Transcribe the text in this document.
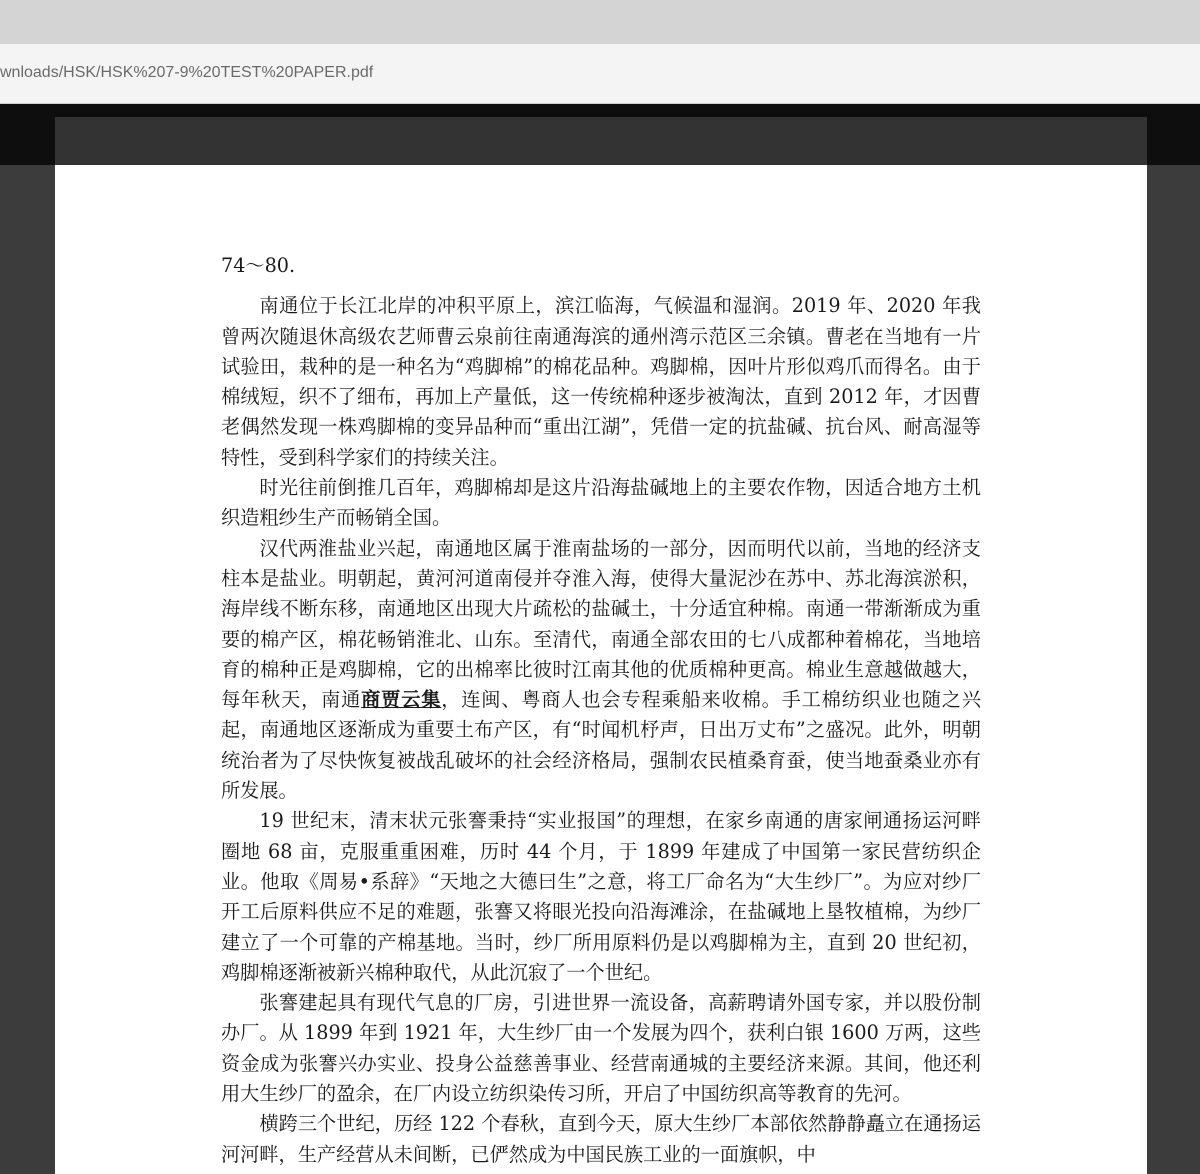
wnloads/HSK/HSK%207-9%20TEST%20PAPER.pdf

74～80.

南通位于长江北岸的冲积平原上，滨江临海，气候温和湿润。2019 年、2020 年我曾两次随退休高级农艺师曹云泉前往南通海滨的通州湾示范区三余镇。曹老在当地有一片试验田，栽种的是一种名为“鸡脚棉”的棉花品种。鸡脚棉，因叶片形似鸡爪而得名。由于棉绒短，织不了细布，再加上产量低，这一传统棉种逐步被淘汰，直到 2012 年，才因曹老偶然发现一株鸡脚棉的变异品种而“重出江湖”，凭借一定的抗盐碱、抗台风、耐高湿等特性，受到科学家们的持续关注。

时光往前倒推几百年，鸡脚棉却是这片沿海盐碱地上的主要农作物，因适合地方土机织造粗纱生产而畅销全国。

汉代两淮盐业兴起，南通地区属于淮南盐场的一部分，因而明代以前，当地的经济支柱本是盐业。明朝起，黄河河道南侵并夺淮入海，使得大量泥沙在苏中、苏北海滨淤积，海岸线不断东移，南通地区出现大片疏松的盐碱土，十分适宜种棉。南通一带渐渐成为重要的棉产区，棉花畅销淮北、山东。至清代，南通全部农田的七八成都种着棉花，当地培育的棉种正是鸡脚棉，它的出棉率比彼时江南其他的优质棉种更高。棉业生意越做越大，每年秋天，南通商贾云集，连闽、粤商人也会专程乘船来收棉。手工棉纺织业也随之兴起，南通地区逐渐成为重要土布产区，有“时闻机杼声，日出万丈布”之盛况。此外，明朝统治者为了尽快恢复被战乱破坏的社会经济格局，强制农民植桑育蚕，使当地蚕桑业亦有所发展。

19 世纪末，清末状元张謇秉持“实业报国”的理想，在家乡南通的唐家闸通扬运河畔圈地 68 亩，克服重重困难，历时 44 个月，于 1899 年建成了中国第一家民营纺织企业。他取《周易•系辞》“天地之大德曰生”之意，将工厂命名为“大生纱厂”。为应对纱厂开工后原料供应不足的难题，张謇又将眼光投向沿海滩涂，在盐碱地上垦牧植棉，为纱厂建立了一个可靠的产棉基地。当时，纱厂所用原料仍是以鸡脚棉为主，直到 20 世纪初，鸡脚棉逐渐被新兴棉种取代，从此沉寂了一个世纪。

张謇建起具有现代气息的厂房，引进世界一流设备，高薪聘请外国专家，并以股份制办厂。从 1899 年到 1921 年，大生纱厂由一个发展为四个，获利白银 1600 万两，这些资金成为张謇兴办实业、投身公益慈善事业、经营南通城的主要经济来源。其间，他还利用大生纱厂的盈余，在厂内设立纺织染传习所，开启了中国纺织高等教育的先河。

横跨三个世纪，历经 122 个春秋，直到今天，原大生纱厂本部依然静静矗立在通扬运河河畔，生产经营从未间断，已俨然成为中国民族工业的一面旗帜，中
